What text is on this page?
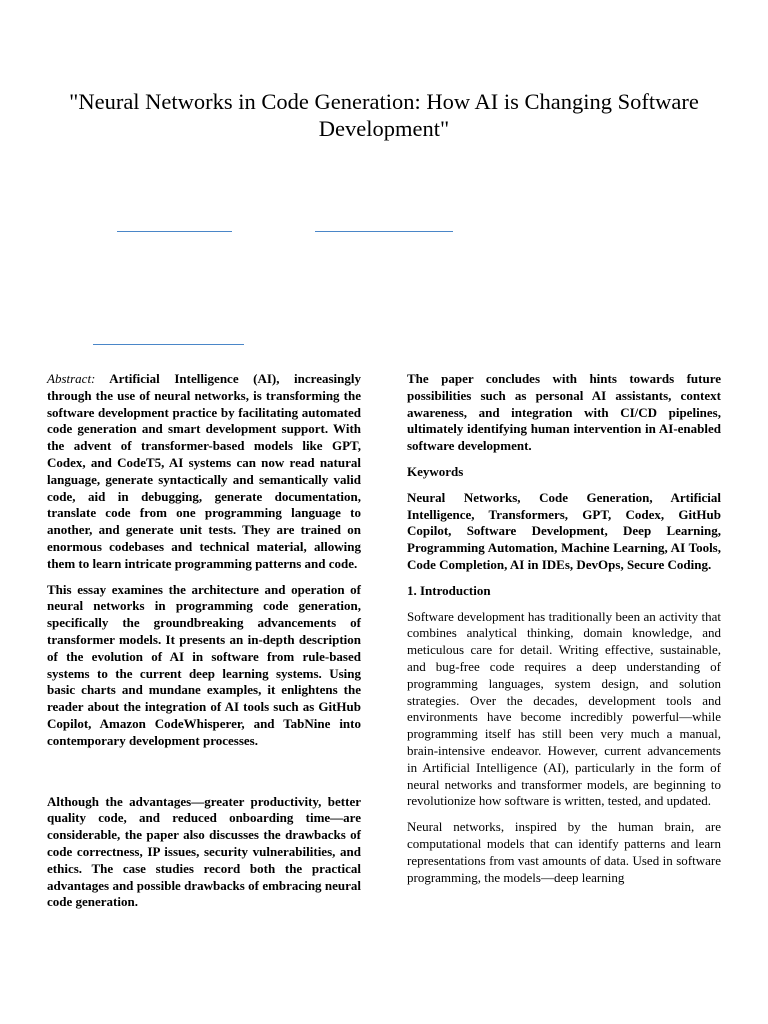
"Neural Networks in Code Generation: How AI is Changing Software Development"

Abstract: Artificial Intelligence (AI), increasingly through the use of neural networks, is transforming the software development practice by facilitating automated code generation and smart development support. With the advent of transformer-based models like GPT, Codex, and CodeT5, AI systems can now read natural language, generate syntactically and semantically valid code, aid in debugging, generate documentation, translate code from one programming language to another, and generate unit tests. They are trained on enormous codebases and technical material, allowing them to learn intricate programming patterns and code.

This essay examines the architecture and operation of neural networks in programming code generation, specifically the groundbreaking advancements of transformer models. It presents an in-depth description of the evolution of AI in software from rule-based systems to the current deep learning systems. Using basic charts and mundane examples, it enlightens the reader about the integration of AI tools such as GitHub Copilot, Amazon CodeWhisperer, and TabNine into contemporary development processes.

Although the advantages—greater productivity, better quality code, and reduced onboarding time—are considerable, the paper also discusses the drawbacks of code correctness, IP issues, security vulnerabilities, and ethics. The case studies record both the practical advantages and possible drawbacks of embracing neural code generation.

The paper concludes with hints towards future possibilities such as personal AI assistants, context awareness, and integration with CI/CD pipelines, ultimately identifying human intervention in AI-enabled software development.

Keywords

Neural Networks, Code Generation, Artificial Intelligence, Transformers, GPT, Codex, GitHub Copilot, Software Development, Deep Learning, Programming Automation, Machine Learning, AI Tools, Code Completion, AI in IDEs, DevOps, Secure Coding.

1. Introduction

Software development has traditionally been an activity that combines analytical thinking, domain knowledge, and meticulous care for detail. Writing effective, sustainable, and bug-free code requires a deep understanding of programming languages, system design, and solution strategies. Over the decades, development tools and environments have become incredibly powerful—while programming itself has still been very much a manual, brain-intensive endeavor. However, current advancements in Artificial Intelligence (AI), particularly in the form of neural networks and transformer models, are beginning to revolutionize how software is written, tested, and updated.

Neural networks, inspired by the human brain, are computational models that can identify patterns and learn representations from vast amounts of data. Used in software programming, the models—deep learning
